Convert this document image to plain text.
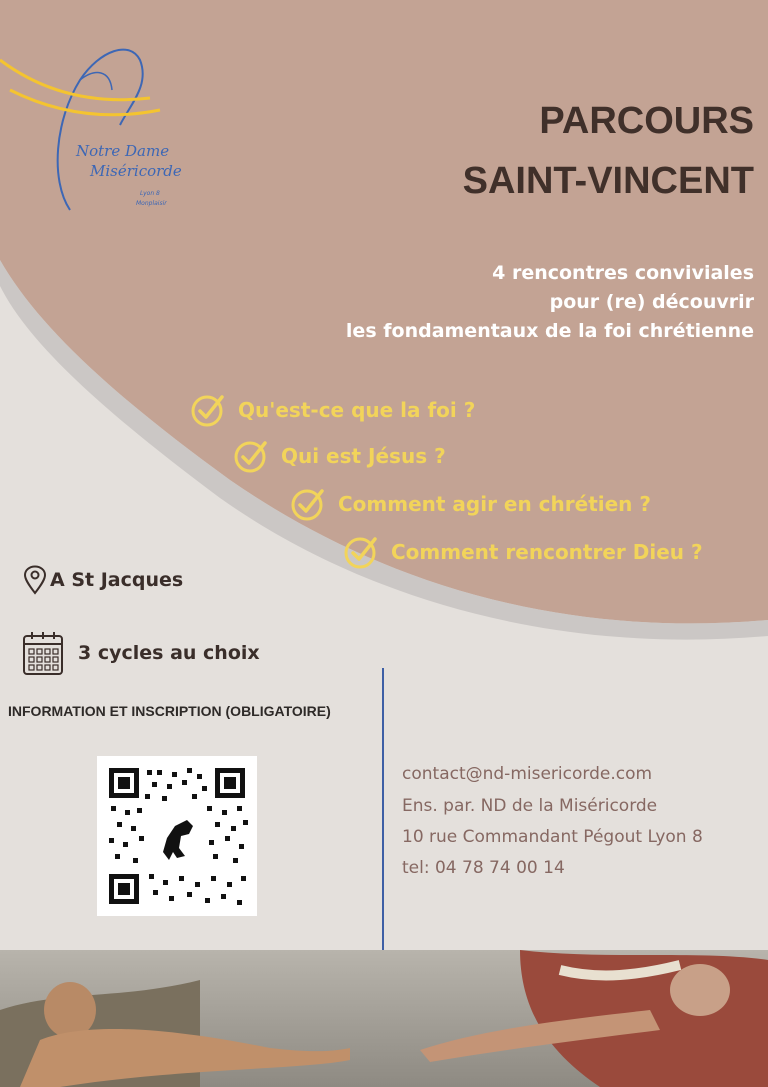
Notre Dame
Miséricorde
Lyon 8
Monplaisir
PARCOURS
SAINT-VINCENT
4 rencontres conviviales
pour (re) découvrir
les fondamentaux de la foi chrétienne
Qu'est-ce que la foi ?
Qui est Jésus ?
Comment agir en chrétien ?
Comment rencontrer Dieu ?
A St Jacques
3 cycles au choix
INFORMATION ET INSCRIPTION (OBLIGATOIRE)
contact@nd-misericorde.com
Ens. par. ND de la Miséricorde
10 rue Commandant Pégout Lyon 8
tel: 04 78 74 00 14
